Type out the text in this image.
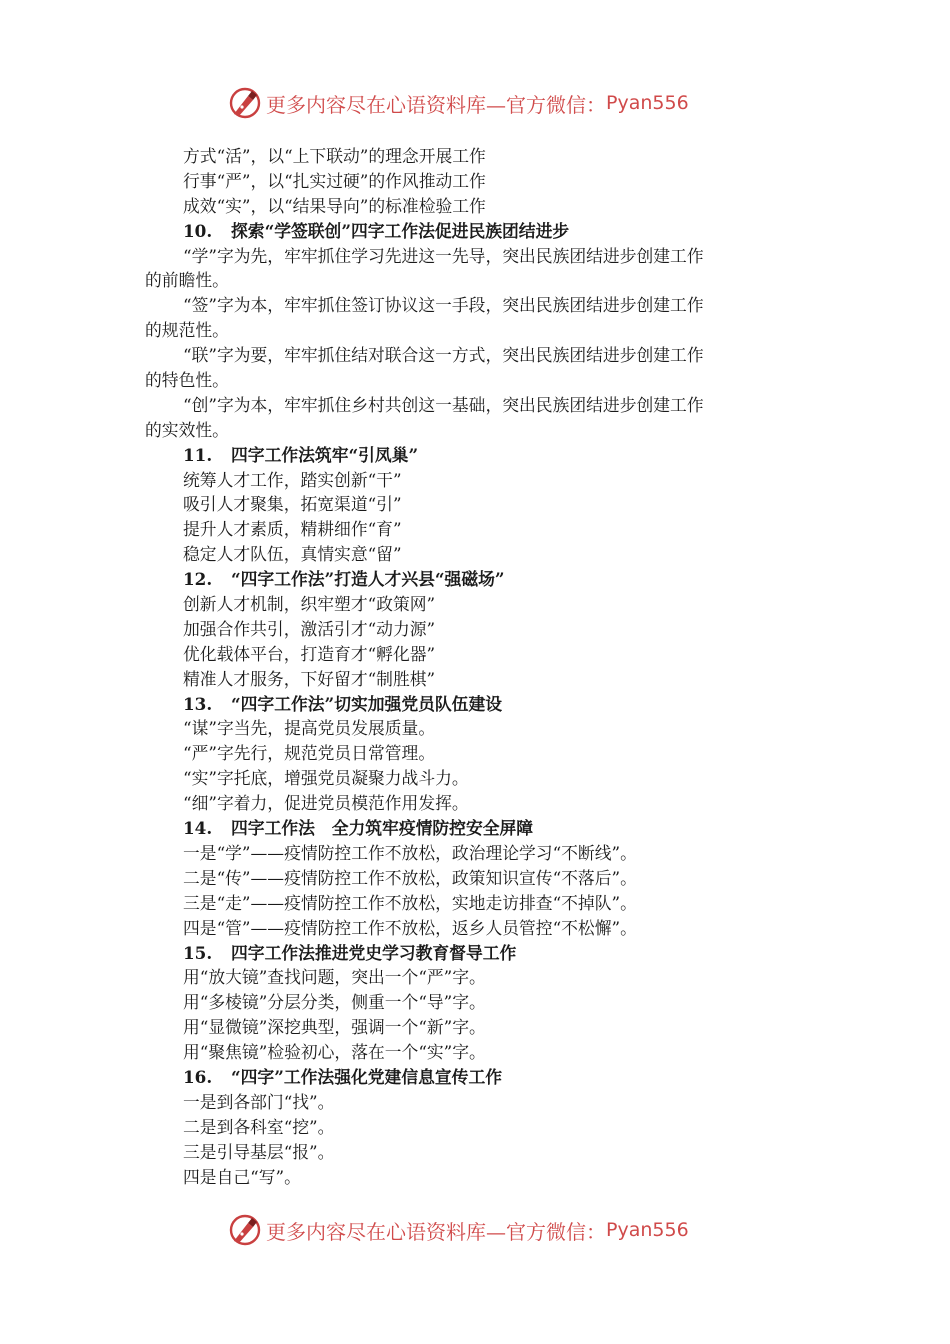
更多内容尽在心语资料库—官方微信： Pyan556
方式“活”，以“上下联动”的理念开展工作
行事“严”，以“扎实过硬”的作风推动工作
成效“实”，以“结果导向”的标准检验工作
10. 探索“学签联创”四字工作法促进民族团结进步
“学”字为先，牢牢抓住学习先进这一先导，突出民族团结进步创建工作
的前瞻性。
“签”字为本，牢牢抓住签订协议这一手段，突出民族团结进步创建工作
的规范性。
“联”字为要，牢牢抓住结对联合这一方式，突出民族团结进步创建工作
的特色性。
“创”字为本，牢牢抓住乡村共创这一基础，突出民族团结进步创建工作
的实效性。
11. 四字工作法筑牢“引凤巢”
统筹人才工作，踏实创新“干”
吸引人才聚集，拓宽渠道“引”
提升人才素质，精耕细作“育”
稳定人才队伍，真情实意“留”
12. “四字工作法”打造人才兴县“强磁场”
创新人才机制，织牢塑才“政策网”
加强合作共引，激活引才“动力源”
优化载体平台，打造育才“孵化器”
精准人才服务，下好留才“制胜棋”
13. “四字工作法”切实加强党员队伍建设
“谋”字当先，提高党员发展质量。
“严”字先行，规范党员日常管理。
“实”字托底，增强党员凝聚力战斗力。
“细”字着力，促进党员模范作用发挥。
14. 四字工作法　全力筑牢疫情防控安全屏障
一是“学”——疫情防控工作不放松，政治理论学习“不断线”。
二是“传”——疫情防控工作不放松，政策知识宣传“不落后”。
三是“走”——疫情防控工作不放松，实地走访排查“不掉队”。
四是“管”——疫情防控工作不放松，返乡人员管控“不松懈”。
15. 四字工作法推进党史学习教育督导工作
用“放大镜”查找问题，突出一个“严”字。
用“多棱镜”分层分类，侧重一个“导”字。
用“显微镜”深挖典型，强调一个“新”字。
用“聚焦镜”检验初心，落在一个“实”字。
16. “四字”工作法强化党建信息宣传工作
一是到各部门“找”。
二是到各科室“挖”。
三是引导基层“报”。
四是自己“写”。
更多内容尽在心语资料库—官方微信： Pyan556
